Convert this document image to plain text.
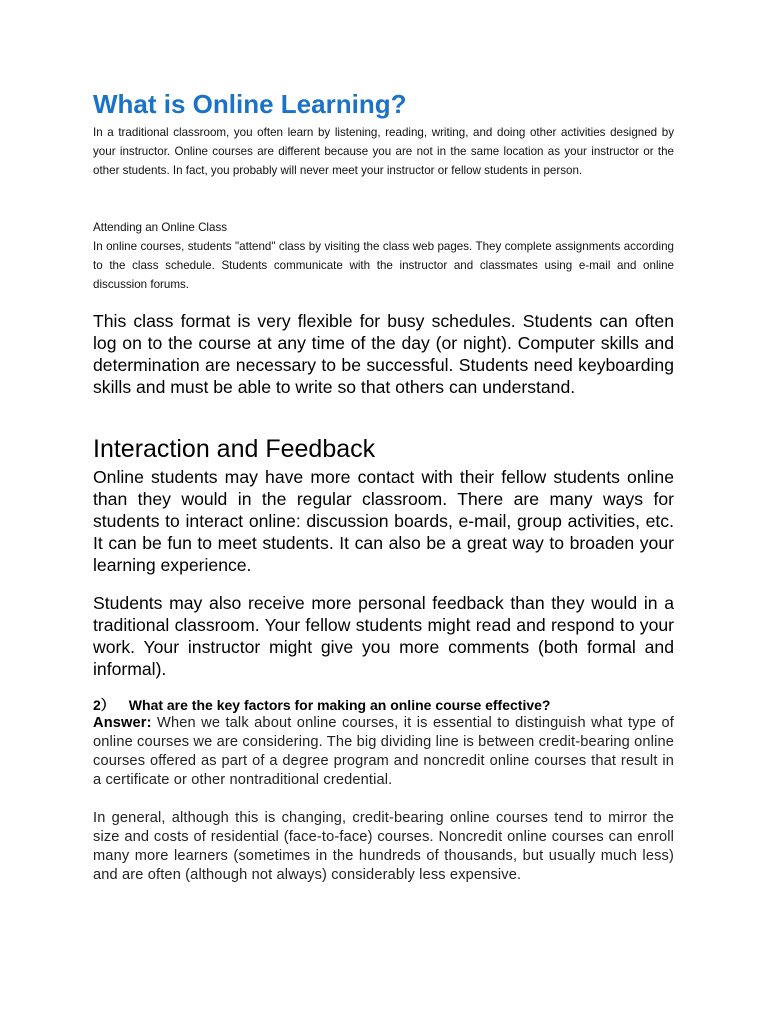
What is Online Learning?

In a traditional classroom, you often learn by listening, reading, writing, and doing other activities designed by your instructor. Online courses are different because you are not in the same location as your instructor or the other students. In fact, you probably will never meet your instructor or fellow students in person.

Attending an Online Class

In online courses, students "attend" class by visiting the class web pages. They complete assignments according to the class schedule. Students communicate with the instructor and classmates using e-mail and online discussion forums.

This class format is very flexible for busy schedules. Students can often log on to the course at any time of the day (or night). Computer skills and determination are necessary to be successful. Students need keyboarding skills and must be able to write so that others can understand.

Interaction and Feedback

Online students may have more contact with their fellow students online than they would in the regular classroom. There are many ways for students to interact online: discussion boards, e-mail, group activities, etc. It can be fun to meet students. It can also be a great way to broaden your learning experience.

Students may also receive more personal feedback than they would in a traditional classroom. Your fellow students might read and respond to your work. Your instructor might give you more comments (both formal and informal).

2） What are the key factors for making an online course effective?

Answer: When we talk about online courses, it is essential to distinguish what type of online courses we are considering. The big dividing line is between credit-bearing online courses offered as part of a degree program and noncredit online courses that result in a certificate or other nontraditional credential.

In general, although this is changing, credit-bearing online courses tend to mirror the size and costs of residential (face-to-face) courses. Noncredit online courses can enroll many more learners (sometimes in the hundreds of thousands, but usually much less) and are often (although not always) considerably less expensive.
